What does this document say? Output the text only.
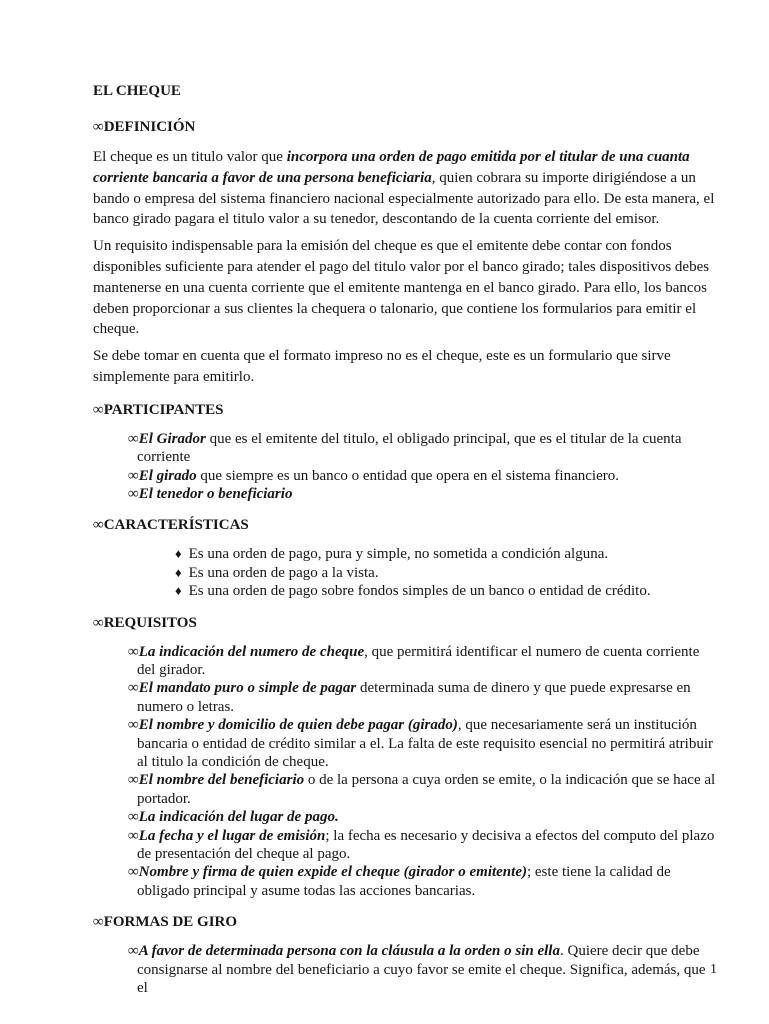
EL CHEQUE
∞DEFINICIÓN

El cheque es un titulo valor que incorpora una orden de pago emitida por el titular de una cuanta corriente bancaria a favor de una persona beneficiaria, quien cobrara su importe dirigiéndose a un bando o empresa del sistema financiero nacional especialmente autorizado para ello. De esta manera, el banco girado pagara el titulo valor a su tenedor, descontando de la cuenta corriente del emisor.

Un requisito indispensable para la emisión del cheque es que el emitente debe contar con fondos disponibles suficiente para atender el pago del titulo valor por el banco girado; tales dispositivos debes mantenerse en una cuenta corriente que el emitente mantenga en el banco girado. Para ello, los bancos deben proporcionar a sus clientes la chequera o talonario, que contiene los formularios para emitir el cheque.

Se debe tomar en cuenta que el formato impreso no es el cheque, este es un formulario que sirve simplemente para emitirlo.

∞PARTICIPANTES
∞El Girador que es el emitente del titulo, el obligado principal, que es el titular de la cuenta corriente
∞El girado que siempre es un banco o entidad que opera en el sistema financiero.
∞El tenedor o beneficiario
∞CARACTERÍSTICAS
♦ Es una orden de pago, pura y simple, no sometida a condición alguna.
♦ Es una orden de pago a la vista.
♦ Es una orden de pago sobre fondos simples de un banco o entidad de crédito.
∞REQUISITOS
∞La indicación del numero de cheque, que permitirá identificar el numero de cuenta corriente del girador.
∞El mandato puro o simple de pagar determinada suma de dinero y que puede expresarse en numero o letras.
∞El nombre y domicilio de quien debe pagar (girado), que necesariamente será un institución bancaria o entidad de crédito similar a el. La falta de este requisito esencial no permitirá atribuir al titulo la condición de cheque.
∞El nombre del beneficiario o de la persona a cuya orden se emite, o la indicación que se hace al portador.
∞La indicación del lugar de pago.
∞La fecha y el lugar de emisión; la fecha es necesario y decisiva a efectos del computo del plazo de presentación del cheque al pago.
∞Nombre y firma de quien expide el cheque (girador o emitente); este tiene la calidad de obligado principal y asume todas las acciones bancarias.
∞FORMAS DE GIRO
∞A favor de determinada persona con la cláusula a la orden o sin ella. Quiere decir que debe consignarse al nombre del beneficiario a cuyo favor se emite el cheque. Significa, además, que el
1
